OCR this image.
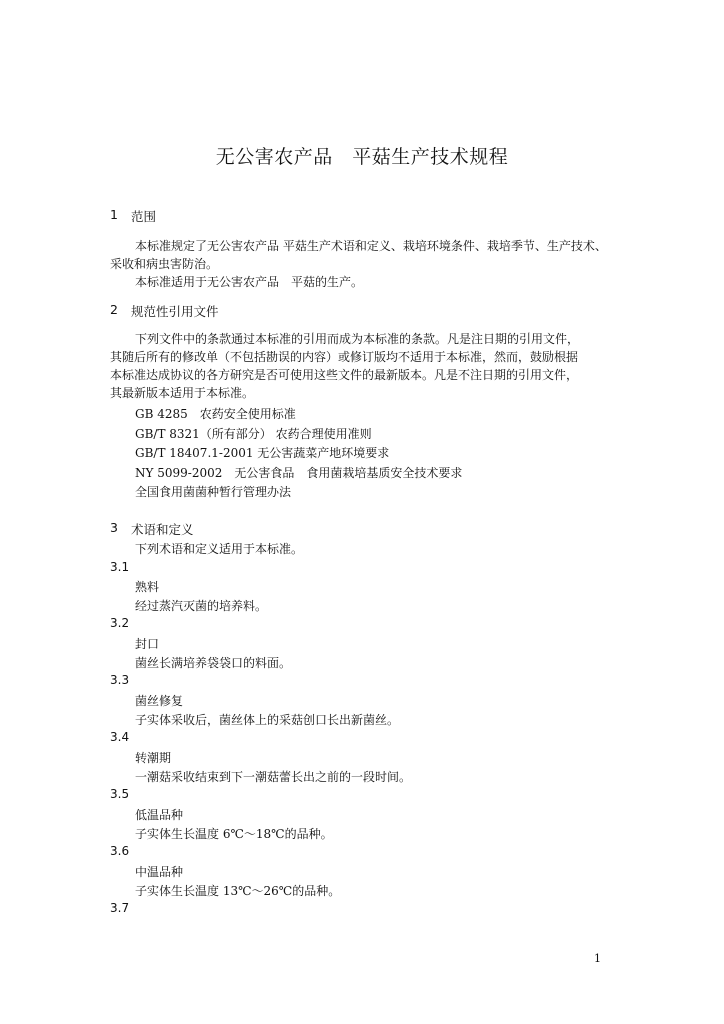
无公害农产品　平菇生产技术规程
1 范围
本标准规定了无公害农产品 平菇生产术语和定义、栽培环境条件、栽培季节、生产技术、
采收和病虫害防治。
本标准适用于无公害农产品　平菇的生产。
2 规范性引用文件
下列文件中的条款通过本标准的引用而成为本标准的条款。凡是注日期的引用文件，
其随后所有的修改单（不包括勘误的内容）或修订版均不适用于本标准，然而，鼓励根据
本标准达成协议的各方研究是否可使用这些文件的最新版本。凡是不注日期的引用文件，
其最新版本适用于本标准。
GB 4285　农药安全使用标准
GB/T 8321（所有部分） 农药合理使用准则
GB/T 18407.1-2001 无公害蔬菜产地环境要求
NY 5099-2002　无公害食品　食用菌栽培基质安全技术要求
全国食用菌菌种暂行管理办法
3 术语和定义
下列术语和定义适用于本标准。
3.1
熟料
经过蒸汽灭菌的培养料。
3.2
封口
菌丝长满培养袋袋口的料面。
3.3
菌丝修复
子实体采收后，菌丝体上的采菇创口长出新菌丝。
3.4
转潮期
一潮菇采收结束到下一潮菇蕾长出之前的一段时间。
3.5
低温品种
子实体生长温度 6℃～18℃的品种。
3.6
中温品种
子实体生长温度 13℃～26℃的品种。
3.7
1
